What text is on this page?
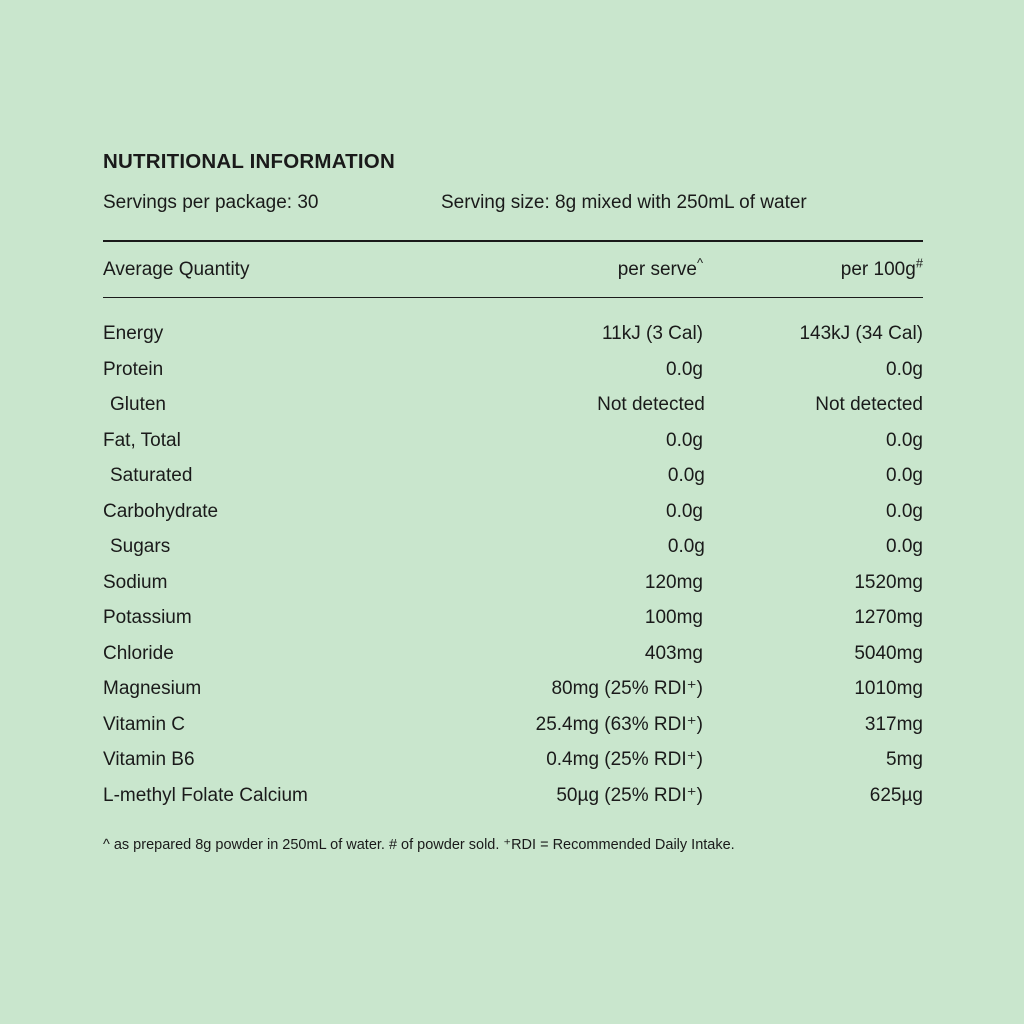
NUTRITIONAL INFORMATION
Servings per package: 30	Serving size: 8g mixed with 250mL of water
Average Quantity	per serve^	per 100g#
Energy	11kJ (3 Cal)	143kJ (34 Cal)
Protein	0.0g	0.0g
Gluten	Not detected	Not detected
Fat, Total	0.0g	0.0g
Saturated	0.0g	0.0g
Carbohydrate	0.0g	0.0g
Sugars	0.0g	0.0g
Sodium	120mg	1520mg
Potassium	100mg	1270mg
Chloride	403mg	5040mg
Magnesium	80mg (25% RDI⁺)	1010mg
Vitamin C	25.4mg (63% RDI⁺)	317mg
Vitamin B6	0.4mg (25% RDI⁺)	5mg
L-methyl Folate Calcium	50µg (25% RDI⁺)	625µg
^ as prepared 8g powder in 250mL of water. # of powder sold. ⁺RDI = Recommended Daily Intake.
